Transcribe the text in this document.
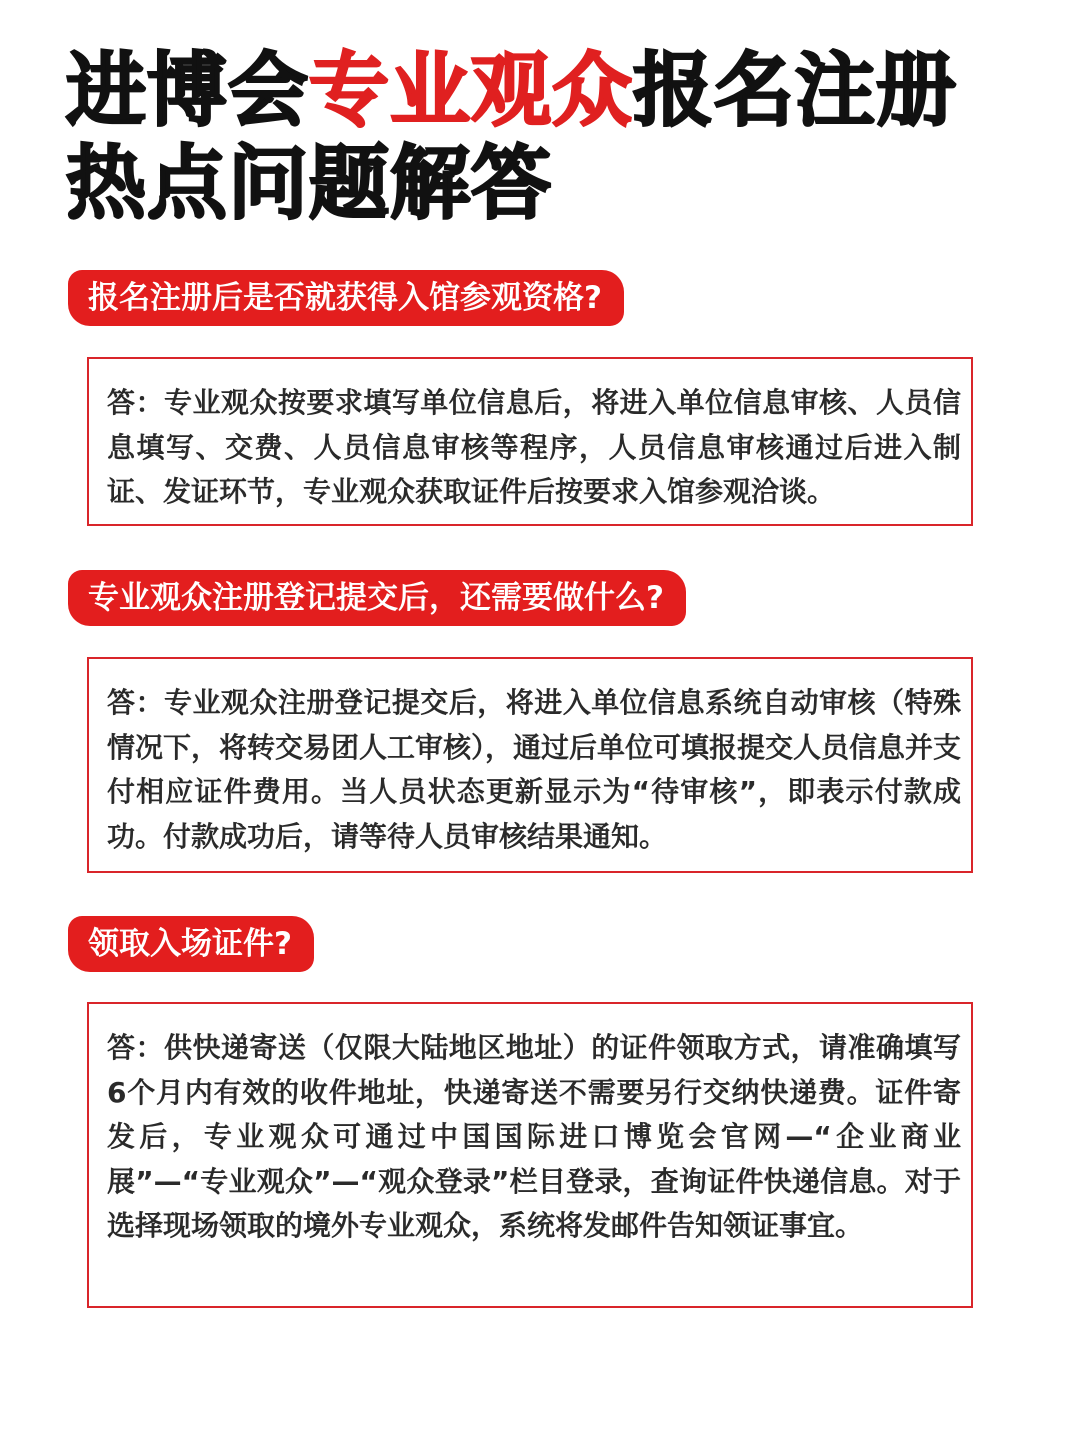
进博会专业观众报名注册热点问题解答
报名注册后是否就获得入馆参观资格?

答：专业观众按要求填写单位信息后，将进入单位信息审核、人员信息填写、交费、人员信息审核等程序，人员信息审核通过后进入制证、发证环节，专业观众获取证件后按要求入馆参观洽谈。

专业观众注册登记提交后，还需要做什么?

答：专业观众注册登记提交后，将进入单位信息系统自动审核（特殊情况下，将转交易团人工审核），通过后单位可填报提交人员信息并支付相应证件费用。当人员状态更新显示为“待审核”，即表示付款成功。付款成功后，请等待人员审核结果通知。

领取入场证件?

答：供快递寄送（仅限大陆地区地址）的证件领取方式，请准确填写6个月内有效的收件地址，快递寄送不需要另行交纳快递费。证件寄发后，专业观众可通过中国国际进口博览会官网—“企业商业展”—“专业观众”—“观众登录”栏目登录，查询证件快递信息。对于选择现场领取的境外专业观众，系统将发邮件告知领证事宜。
